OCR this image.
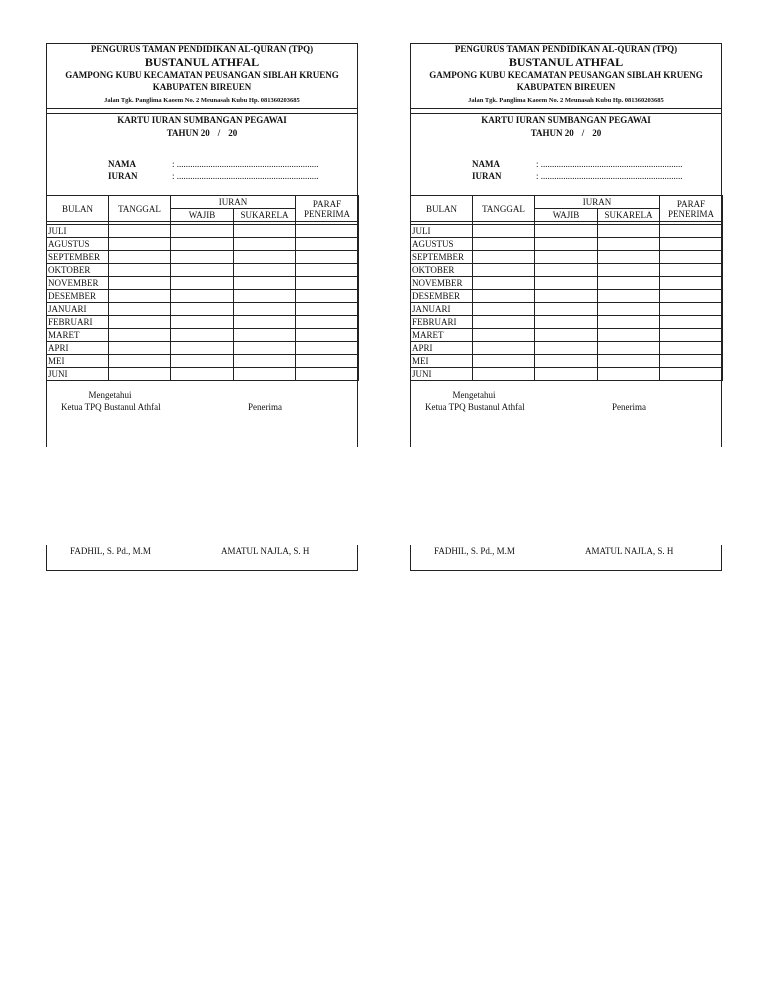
PENGURUS TAMAN PENDIDIKAN AL-QURAN (TPQ)
BUSTANUL ATHFAL
GAMPONG KUBU KECAMATAN PEUSANGAN SIBLAH KRUENG
KABUPATEN BIREUEN
Jalan Tgk. Panglima Kaoem No. 2 Meunasah Kubu Hp. 081360203685
KARTU IURAN SUMBANGAN PEGAWAI
TAHUN 20 / 20
NAMA	: ...............................................................
IURAN	: ...............................................................
BULAN	TANGGAL	IURAN		PARAF
PENERIMA
		WAJIB	SUKARELA	

JULI				
AGUSTUS				
SEPTEMBER				
OKTOBER				
NOVEMBER				
DESEMBER				
JANUARI				
FEBRUARI				
MARET				
APRI				
MEI				
JUNI				
Mengetahui
Ketua TPQ Bustanul Athfal	Penerima
FADHIL, S. Pd., M.M	AMATUL NAJLA, S. H
PENGURUS TAMAN PENDIDIKAN AL-QURAN (TPQ)
BUSTANUL ATHFAL
GAMPONG KUBU KECAMATAN PEUSANGAN SIBLAH KRUENG
KABUPATEN BIREUEN
Jalan Tgk. Panglima Kaoem No. 2 Meunasah Kubu Hp. 081360203685
KARTU IURAN SUMBANGAN PEGAWAI
TAHUN 20 / 20
NAMA	: ...............................................................
IURAN	: ...............................................................
BULAN	TANGGAL	IURAN		PARAF
PENERIMA
		WAJIB	SUKARELA	

JULI				
AGUSTUS				
SEPTEMBER				
OKTOBER				
NOVEMBER				
DESEMBER				
JANUARI				
FEBRUARI				
MARET				
APRI				
MEI				
JUNI				
Mengetahui
Ketua TPQ Bustanul Athfal	Penerima
FADHIL, S. Pd., M.M	AMATUL NAJLA, S. H
